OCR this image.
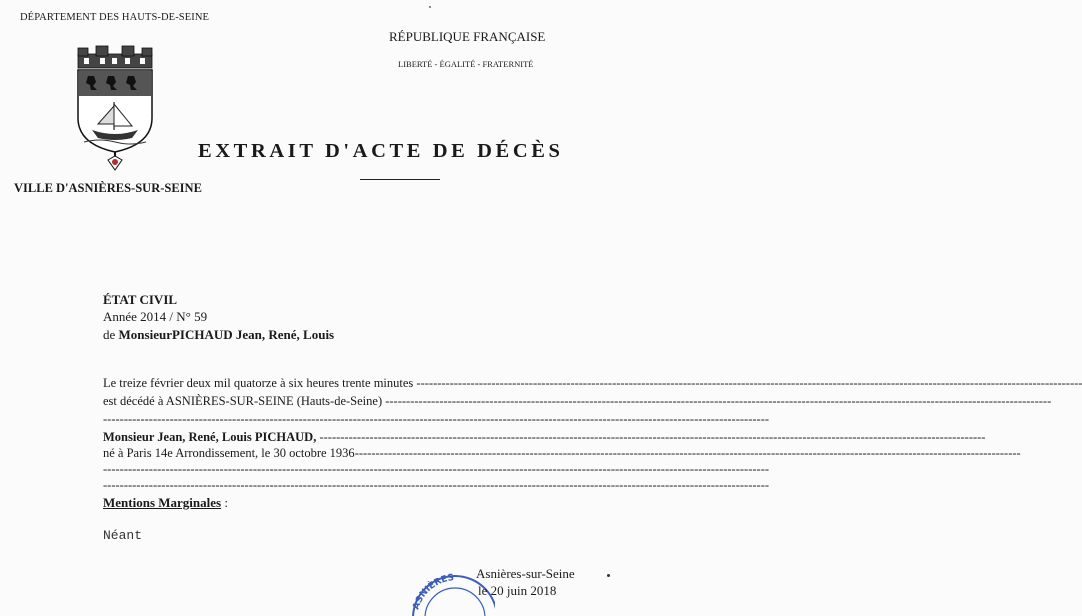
DÉPARTEMENT DES HAUTS-DE-SEINE
RÉPUBLIQUE FRANÇAISE
LIBERTÉ - ÉGALITÉ - FRATERNITÉ
EXTRAIT D'ACTE DE DÉCÈS
VILLE D'ASNIÈRES-SUR-SEINE
ÉTAT CIVIL
Année 2014 / N° 59
de MonsieurPICHAUD Jean, René, Louis
Le treize février deux mil quatorze à six heures trente minutes ----------------------------------------------------------------------------------------------------------------------------------------------------------------
est décédé à ASNIÈRES-SUR-SEINE (Hauts-de-Seine) ----------------------------------------------------------------------------------------------------------------------------------------------------------------
----------------------------------------------------------------------------------------------------------------------------------------------------------------
Monsieur Jean, René, Louis PICHAUD, ----------------------------------------------------------------------------------------------------------------------------------------------------------------
né à Paris 14e Arrondissement, le 30 octobre 1936----------------------------------------------------------------------------------------------------------------------------------------------------------------
----------------------------------------------------------------------------------------------------------------------------------------------------------------
----------------------------------------------------------------------------------------------------------------------------------------------------------------
Mentions Marginales :
Néant
ASNIÈRES Asnières-sur-Seine
le 20 juin 2018
